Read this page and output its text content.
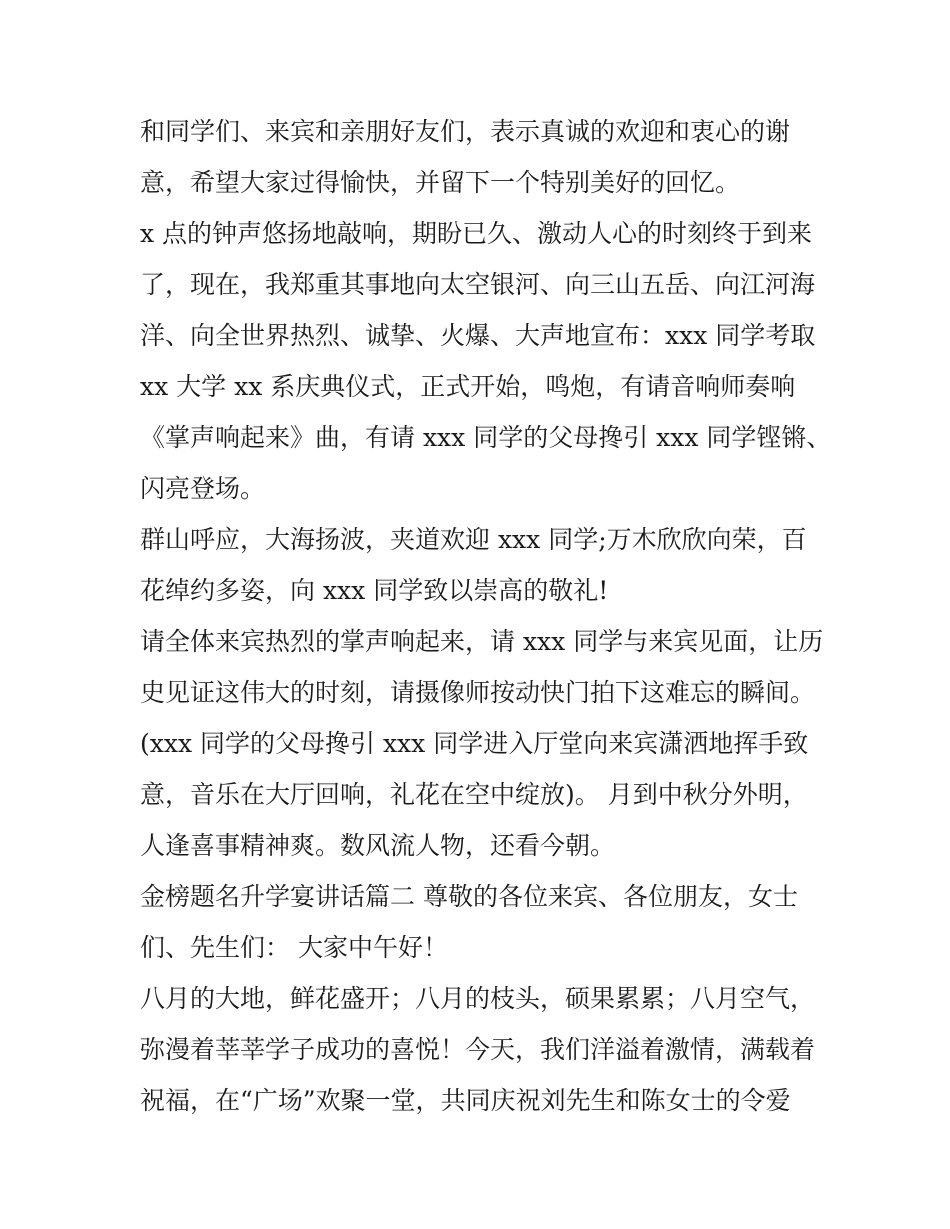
和同学们、来宾和亲朋好友们，表示真诚的欢迎和衷心的谢
意，希望大家过得愉快，并留下一个特别美好的回忆。
x 点的钟声悠扬地敲响，期盼已久、激动人心的时刻终于到来
了，现在，我郑重其事地向太空银河、向三山五岳、向江河海
洋、向全世界热烈、诚挚、火爆、大声地宣布：xxx 同学考取
xx 大学 xx 系庆典仪式，正式开始，鸣炮，有请音响师奏响
《掌声响起来》曲，有请 xxx 同学的父母搀引 xxx 同学铿锵、
闪亮登场。
群山呼应，大海扬波，夹道欢迎 xxx 同学;万木欣欣向荣，百
花绰约多姿，向 xxx 同学致以崇高的敬礼!
请全体来宾热烈的掌声响起来，请 xxx 同学与来宾见面，让历
史见证这伟大的时刻，请摄像师按动快门拍下这难忘的瞬间。
(xxx 同学的父母搀引 xxx 同学进入厅堂向来宾潇洒地挥手致
意，音乐在大厅回响，礼花在空中绽放)。 月到中秋分外明，
人逢喜事精神爽。数风流人物，还看今朝。
金榜题名升学宴讲话篇二 尊敬的各位来宾、各位朋友，女士
们、先生们： 大家中午好！
八月的大地，鲜花盛开；八月的枝头，硕果累累；八月空气，
弥漫着莘莘学子成功的喜悦！今天，我们洋溢着激情，满载着
祝福，在“广场”欢聚一堂，共同庆祝刘先生和陈女士的令爱
